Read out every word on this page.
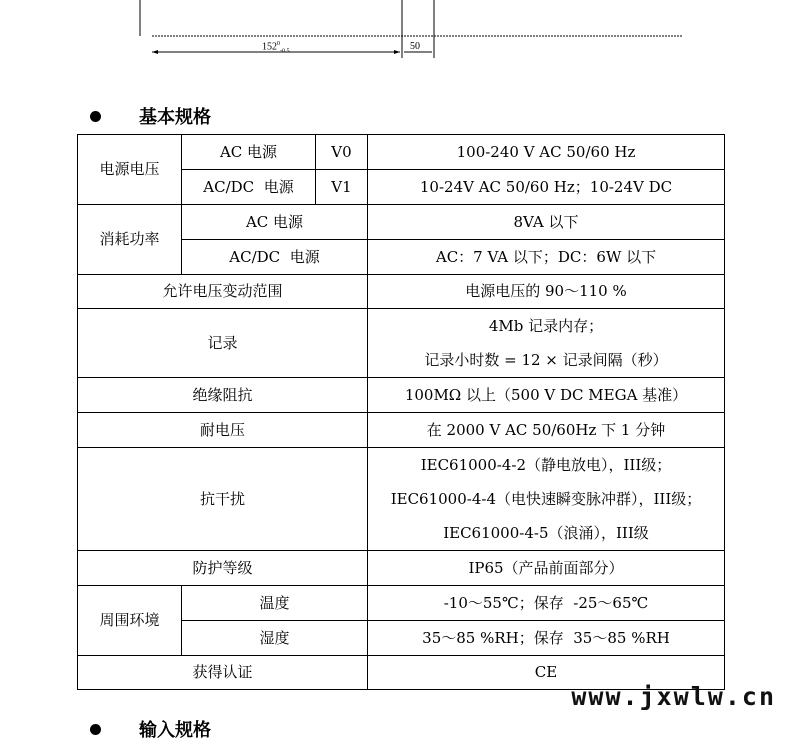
$152^0_{-0.5}$	50
基本规格
电源电压	AC 电源	V0	100-240 V AC 50/60 Hz
	AC/DC  电源	V1	10-24V AC 50/60 Hz；10-24V DC
消耗功率	AC 电源		8VA 以下
	AC/DC  电源		AC：7 VA 以下；DC：6W 以下
允许电压变动范围			电源电压的 90～110 %
记录			4Mb 记录内存；
记录小时数 = 12 × 记录间隔（秒）

绝缘阻抗			100MΩ 以上（500 V DC MEGA 基准）
耐电压			在 2000 V AC 50/60Hz 下 1 分钟
抗干扰			IEC61000-4-2（静电放电），III级；
IEC61000-4-4（电快速瞬变脉冲群），III级；
IEC61000-4-5（浪涌），III级

防护等级			IP65（产品前面部分）
周围环境	温度		-10～55℃；保存  -25～65℃
	湿度		35～85 %RH；保存  35～85 %RH
获得认证			CE
www.jxwlw.cn
输入规格
